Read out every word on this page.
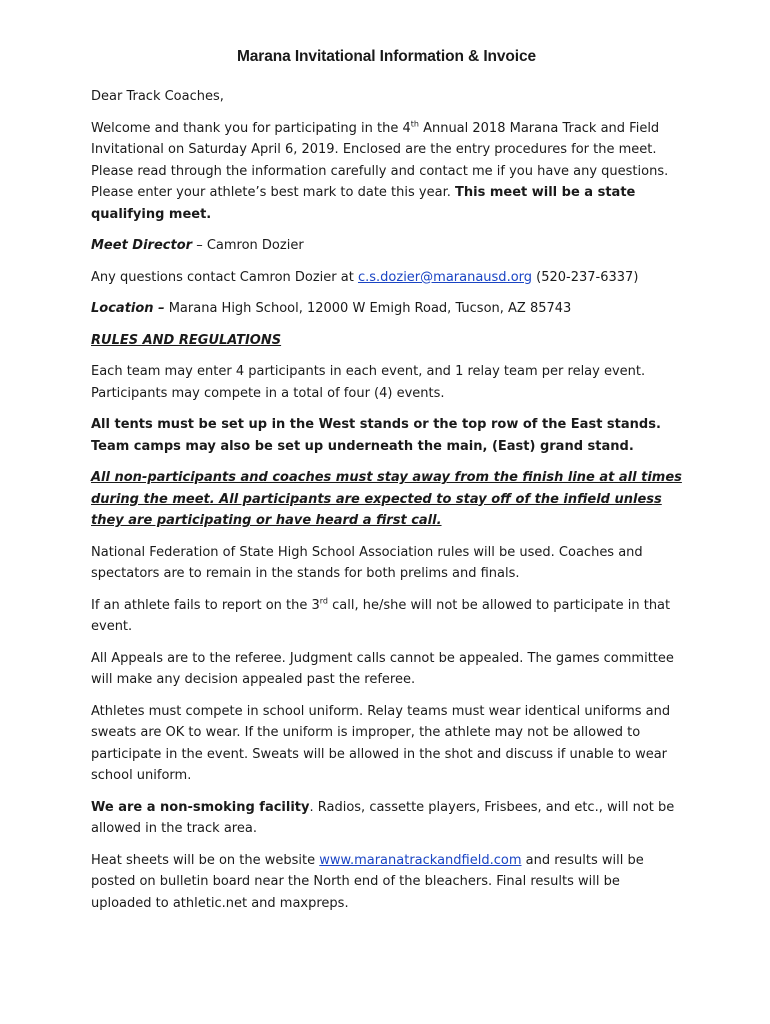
Marana Invitational Information & Invoice

Dear Track Coaches,

Welcome and thank you for participating in the 4th Annual 2018 Marana Track and Field Invitational on Saturday April 6, 2019. Enclosed are the entry procedures for the meet. Please read through the information carefully and contact me if you have any questions. Please enter your athlete’s best mark to date this year. This meet will be a state qualifying meet.

Meet Director – Camron Dozier

Any questions contact Camron Dozier at c.s.dozier@maranausd.org (520-237-6337)

Location – Marana High School, 12000 W Emigh Road, Tucson, AZ 85743

RULES AND REGULATIONS

Each team may enter 4 participants in each event, and 1 relay team per relay event. Participants may compete in a total of four (4) events.

All tents must be set up in the West stands or the top row of the East stands. Team camps may also be set up underneath the main, (East) grand stand.

All non-participants and coaches must stay away from the finish line at all times during the meet. All participants are expected to stay off of the infield unless they are participating or have heard a first call.

National Federation of State High School Association rules will be used. Coaches and spectators are to remain in the stands for both prelims and finals.

If an athlete fails to report on the 3rd call, he/she will not be allowed to participate in that event.

All Appeals are to the referee. Judgment calls cannot be appealed. The games committee will make any decision appealed past the referee.

Athletes must compete in school uniform. Relay teams must wear identical uniforms and sweats are OK to wear. If the uniform is improper, the athlete may not be allowed to participate in the event. Sweats will be allowed in the shot and discuss if unable to wear school uniform.

We are a non-smoking facility. Radios, cassette players, Frisbees, and etc., will not be allowed in the track area.

Heat sheets will be on the website www.maranatrackandfield.com and results will be posted on bulletin board near the North end of the bleachers. Final results will be uploaded to athletic.net and maxpreps.
